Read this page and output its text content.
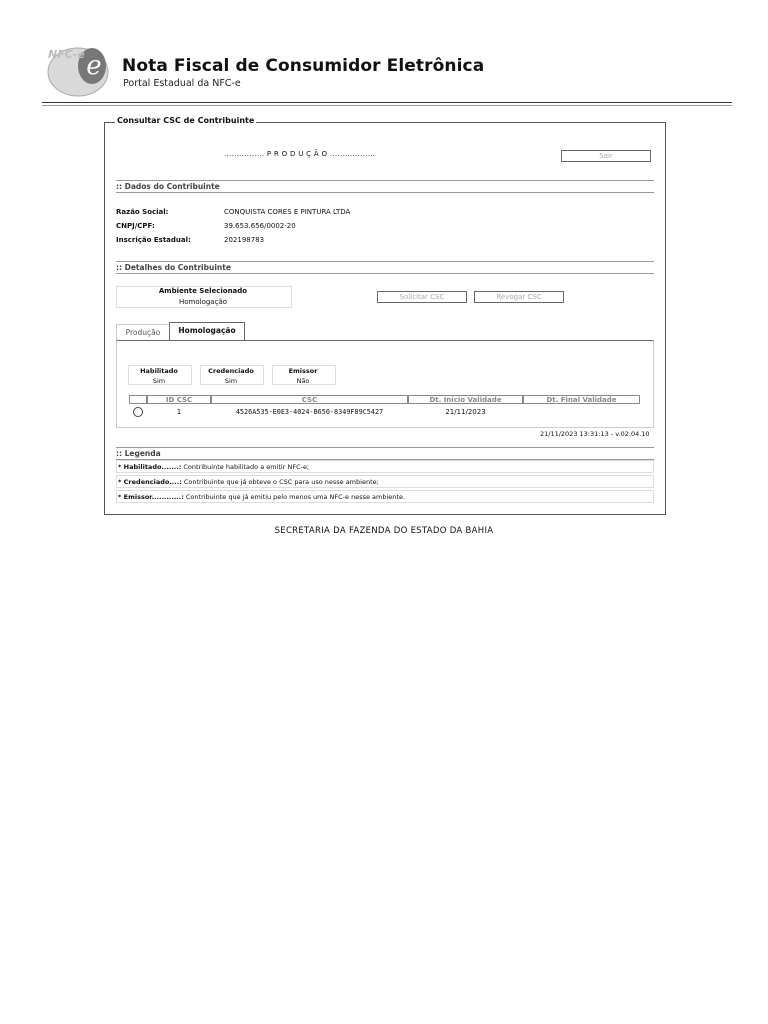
e
NFC-e
Nota Fiscal de Consumidor Eletrônica
Portal Estadual da NFC-e
Consultar CSC de Contribuinte
................ P R O D U Ç Ã O ..................	Sair
:: Dados do Contribuinte
Razão Social:	CONQUISTA CORES E PINTURA LTDA
CNPJ/CPF:	39.653.656/0002-20
Inscrição Estadual:	202198783
:: Detalhes do Contribuinte
Ambiente Selecionado
Homologação
Solicitar CSC	Revogar CSC
Produção	Homologação
Habilitado
Sim
Credenciado
Sim
Emissor
Não
ID CSC	CSC	Dt. Início Validade	Dt. Final Validade
1	4526A535-E0E3-4024-B650-8349F89C5427	21/11/2023
21/11/2023 13:31:13 - v.02.04.10
:: Legenda
* Habilitado.......: Contribuinte habilitado a emitir NFC-e;
* Credenciado....: Contribuinte que já obteve o CSC para uso nesse ambiente;
* Emissor............: Contribuinte que já emitiu pelo menos uma NFC-e nesse ambiente.
SECRETARIA DA FAZENDA DO ESTADO DA BAHIA
